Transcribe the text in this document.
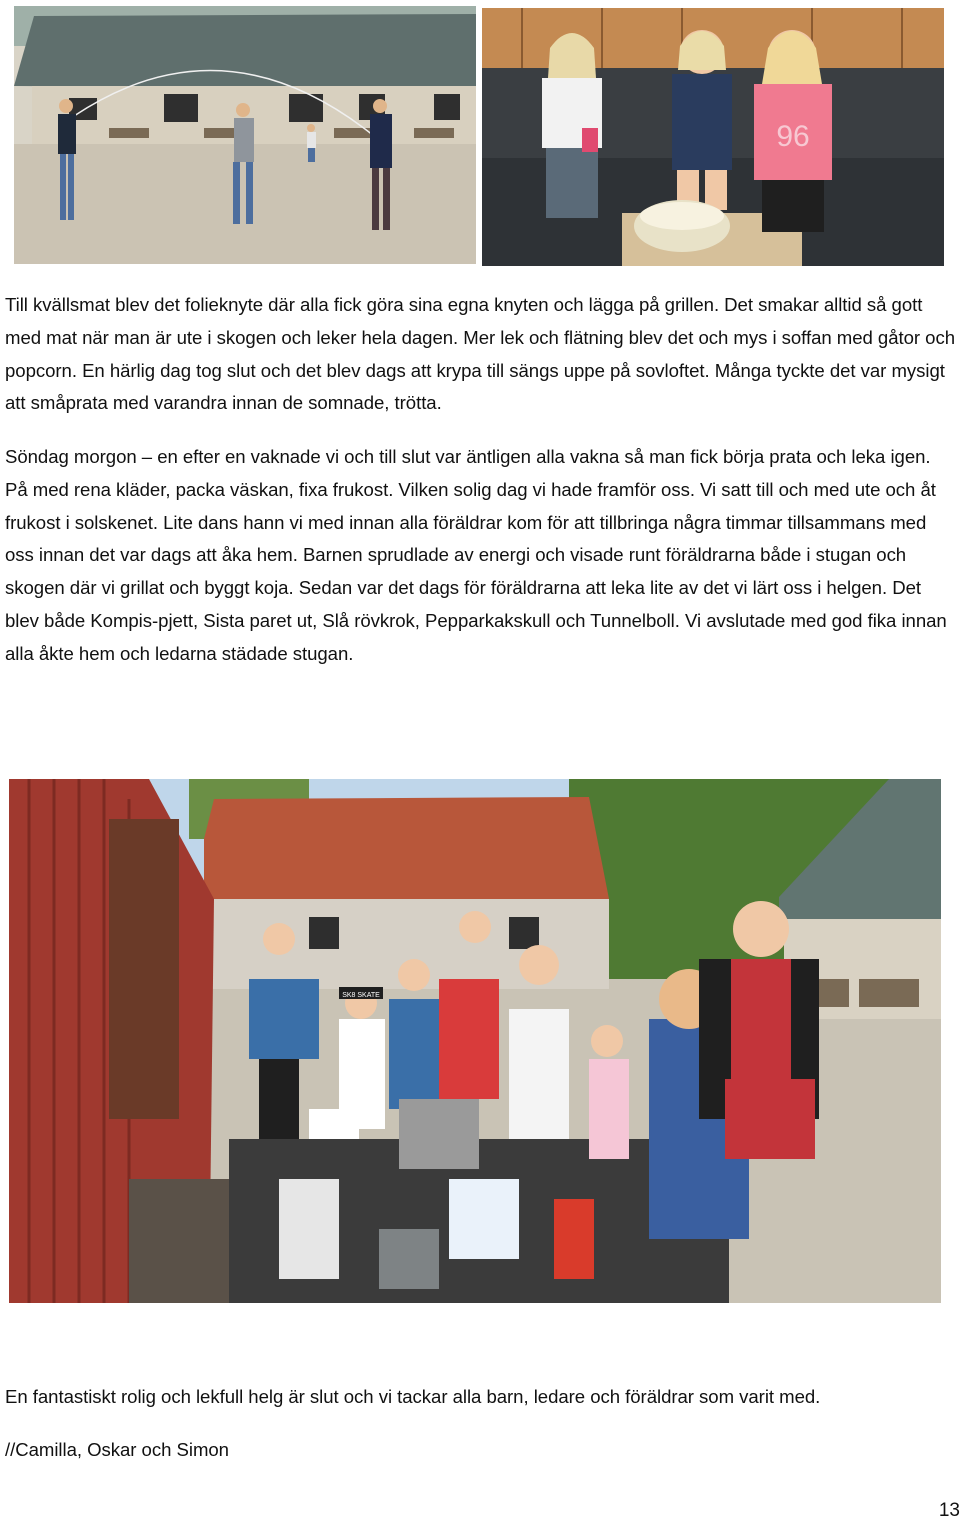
96

Till kvällsmat blev det folieknyte där alla fick göra sina egna knyten och lägga på grillen. Det smakar alltid så gott med mat när man är ute i skogen och leker hela dagen. Mer lek och flätning blev det och mys i soffan med gåtor och popcorn. En härlig dag tog slut och det blev dags att krypa till sängs uppe på sovloftet. Många tyckte det var mysigt att småprata med varandra innan de somnade, trötta.

Söndag morgon – en efter en vaknade vi och till slut var äntligen alla vakna så man fick börja prata och leka igen. På med rena kläder, packa väskan, fixa frukost. Vilken solig dag vi hade framför oss. Vi satt till och med ute och åt frukost i solskenet. Lite dans hann vi med innan alla föräldrar kom för att tillbringa några timmar tillsammans med oss innan det var dags att åka hem. Barnen sprudlade av energi och visade runt föräldrarna både i stugan och skogen där vi grillat och byggt koja. Sedan var det dags för föräldrarna att leka lite av det vi lärt oss i helgen. Det blev både Kompis-pjett, Sista paret ut, Slå rövkrok, Pepparkakskull och Tunnelboll. Vi avslutade med god fika innan alla åkte hem och ledarna städade stugan.

SK8 SKATE

En fantastiskt rolig och lekfull helg är slut och vi tackar alla barn, ledare och föräldrar som varit med.

//Camilla, Oskar och Simon

13
